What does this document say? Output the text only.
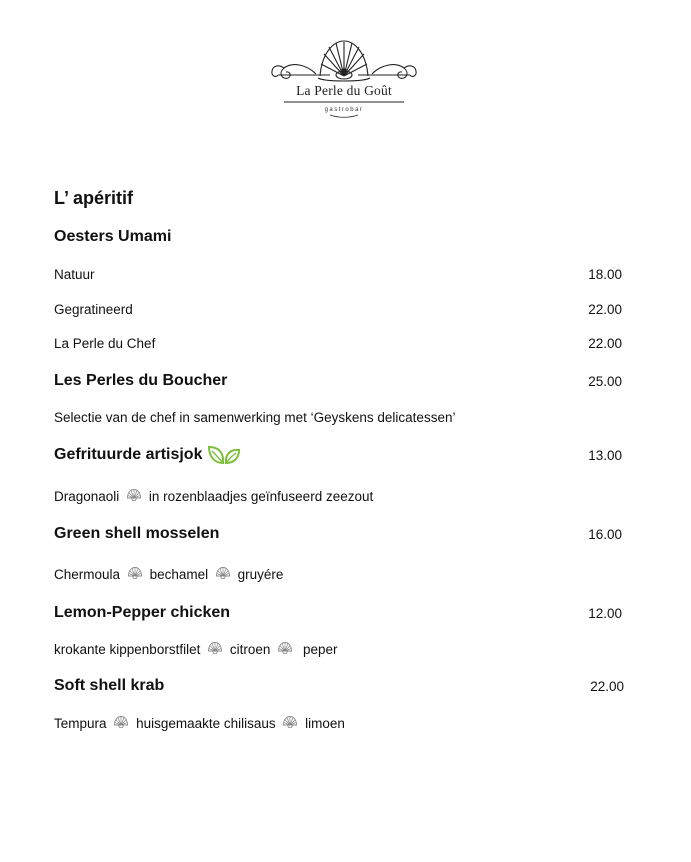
La Perle du Goût
gastrobar
L’ apéritif
Oesters Umami
Natuur	18.00
Gegratineerd	22.00
La Perle du Chef	22.00
Les Perles du Boucher	25.00
Selectie van de chef in samenwerking met ‘Geyskens delicatessen’
Gefrituurde artisjok	13.00
Dragonaoli in rozenblaadjes geïnfuseerd zeezout
Green shell mosselen	16.00
Chermoula bechamel gruyére
Lemon-Pepper chicken	12.00
krokante kippenborstfilet citroen peper
Soft shell krab	22.00
Tempura huisgemaakte chilisaus limoen
